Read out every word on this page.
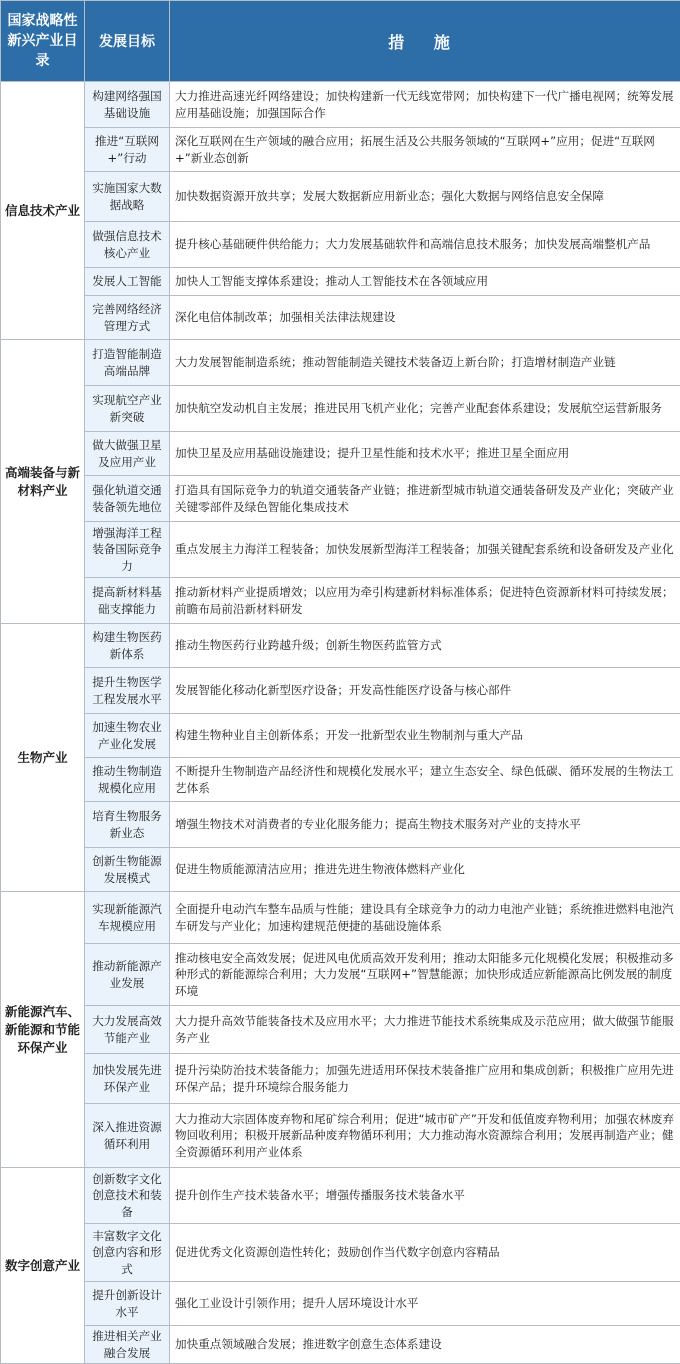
国家战略性新兴产业目录	发展目标	措 施
信息技术产业	构建网络强国基础设施	大力推进高速光纤网络建设；加快构建新一代无线宽带网；加快构建下一代广播电视网；统筹发展应用基础设施；加强国际合作
	推进“互联网+”行动	深化互联网在生产领域的融合应用；拓展生活及公共服务领域的“互联网+”应用；促进“互联网+”新业态创新
	实施国家大数据战略	加快数据资源开放共享；发展大数据新应用新业态；强化大数据与网络信息安全保障
	做强信息技术核心产业	提升核心基础硬件供给能力；大力发展基础软件和高端信息技术服务；加快发展高端整机产品
	发展人工智能	加快人工智能支撑体系建设；推动人工智能技术在各领域应用
	完善网络经济管理方式	深化电信体制改革；加强相关法律法规建设
高端装备与新材料产业	打造智能制造高端品牌	大力发展智能制造系统；推动智能制造关键技术装备迈上新台阶；打造增材制造产业链
	实现航空产业新突破	加快航空发动机自主发展；推进民用飞机产业化；完善产业配套体系建设；发展航空运营新服务
	做大做强卫星及应用产业	加快卫星及应用基础设施建设；提升卫星性能和技术水平；推进卫星全面应用
	强化轨道交通装备领先地位	打造具有国际竞争力的轨道交通装备产业链；推进新型城市轨道交通装备研发及产业化；突破产业关键零部件及绿色智能化集成技术
	增强海洋工程装备国际竞争力	重点发展主力海洋工程装备；加快发展新型海洋工程装备；加强关键配套系统和设备研发及产业化
	提高新材料基础支撑能力	推动新材料产业提质增效；以应用为牵引构建新材料标准体系；促进特色资源新材料可持续发展；前瞻布局前沿新材料研发
生物产业	构建生物医药新体系	推动生物医药行业跨越升级；创新生物医药监管方式
	提升生物医学工程发展水平	发展智能化移动化新型医疗设备；开发高性能医疗设备与核心部件
	加速生物农业产业化发展	构建生物种业自主创新体系；开发一批新型农业生物制剂与重大产品
	推动生物制造规模化应用	不断提升生物制造产品经济性和规模化发展水平；建立生态安全、绿色低碳、循环发展的生物法工艺体系
	培育生物服务新业态	增强生物技术对消费者的专业化服务能力；提高生物技术服务对产业的支持水平
	创新生物能源发展模式	促进生物质能源清洁应用；推进先进生物液体燃料产业化
新能源汽车、新能源和节能环保产业	实现新能源汽车规模应用	全面提升电动汽车整车品质与性能；建设具有全球竞争力的动力电池产业链；系统推进燃料电池汽车研发与产业化；加速构建规范便捷的基础设施体系
	推动新能源产业发展	推动核电安全高效发展；促进风电优质高效开发利用；推动太阳能多元化规模化发展；积极推动多种形式的新能源综合利用；大力发展“互联网+”智慧能源；加快形成适应新能源高比例发展的制度环境
	大力发展高效节能产业	大力提升高效节能装备技术及应用水平；大力推进节能技术系统集成及示范应用；做大做强节能服务产业
	加快发展先进环保产业	提升污染防治技术装备能力；加强先进适用环保技术装备推广应用和集成创新；积极推广应用先进环保产品；提升环境综合服务能力
	深入推进资源循环利用	大力推动大宗固体废弃物和尾矿综合利用；促进“城市矿产”开发和低值废弃物利用；加强农林废弃物回收利用；积极开展新品种废弃物循环利用；大力推动海水资源综合利用；发展再制造产业；健全资源循环利用产业体系
数字创意产业	创新数字文化创意技术和装备	提升创作生产技术装备水平；增强传播服务技术装备水平
	丰富数字文化创意内容和形式	促进优秀文化资源创造性转化；鼓励创作当代数字创意内容精品
	提升创新设计水平	强化工业设计引领作用；提升人居环境设计水平
	推进相关产业融合发展	加快重点领域融合发展；推进数字创意生态体系建设
